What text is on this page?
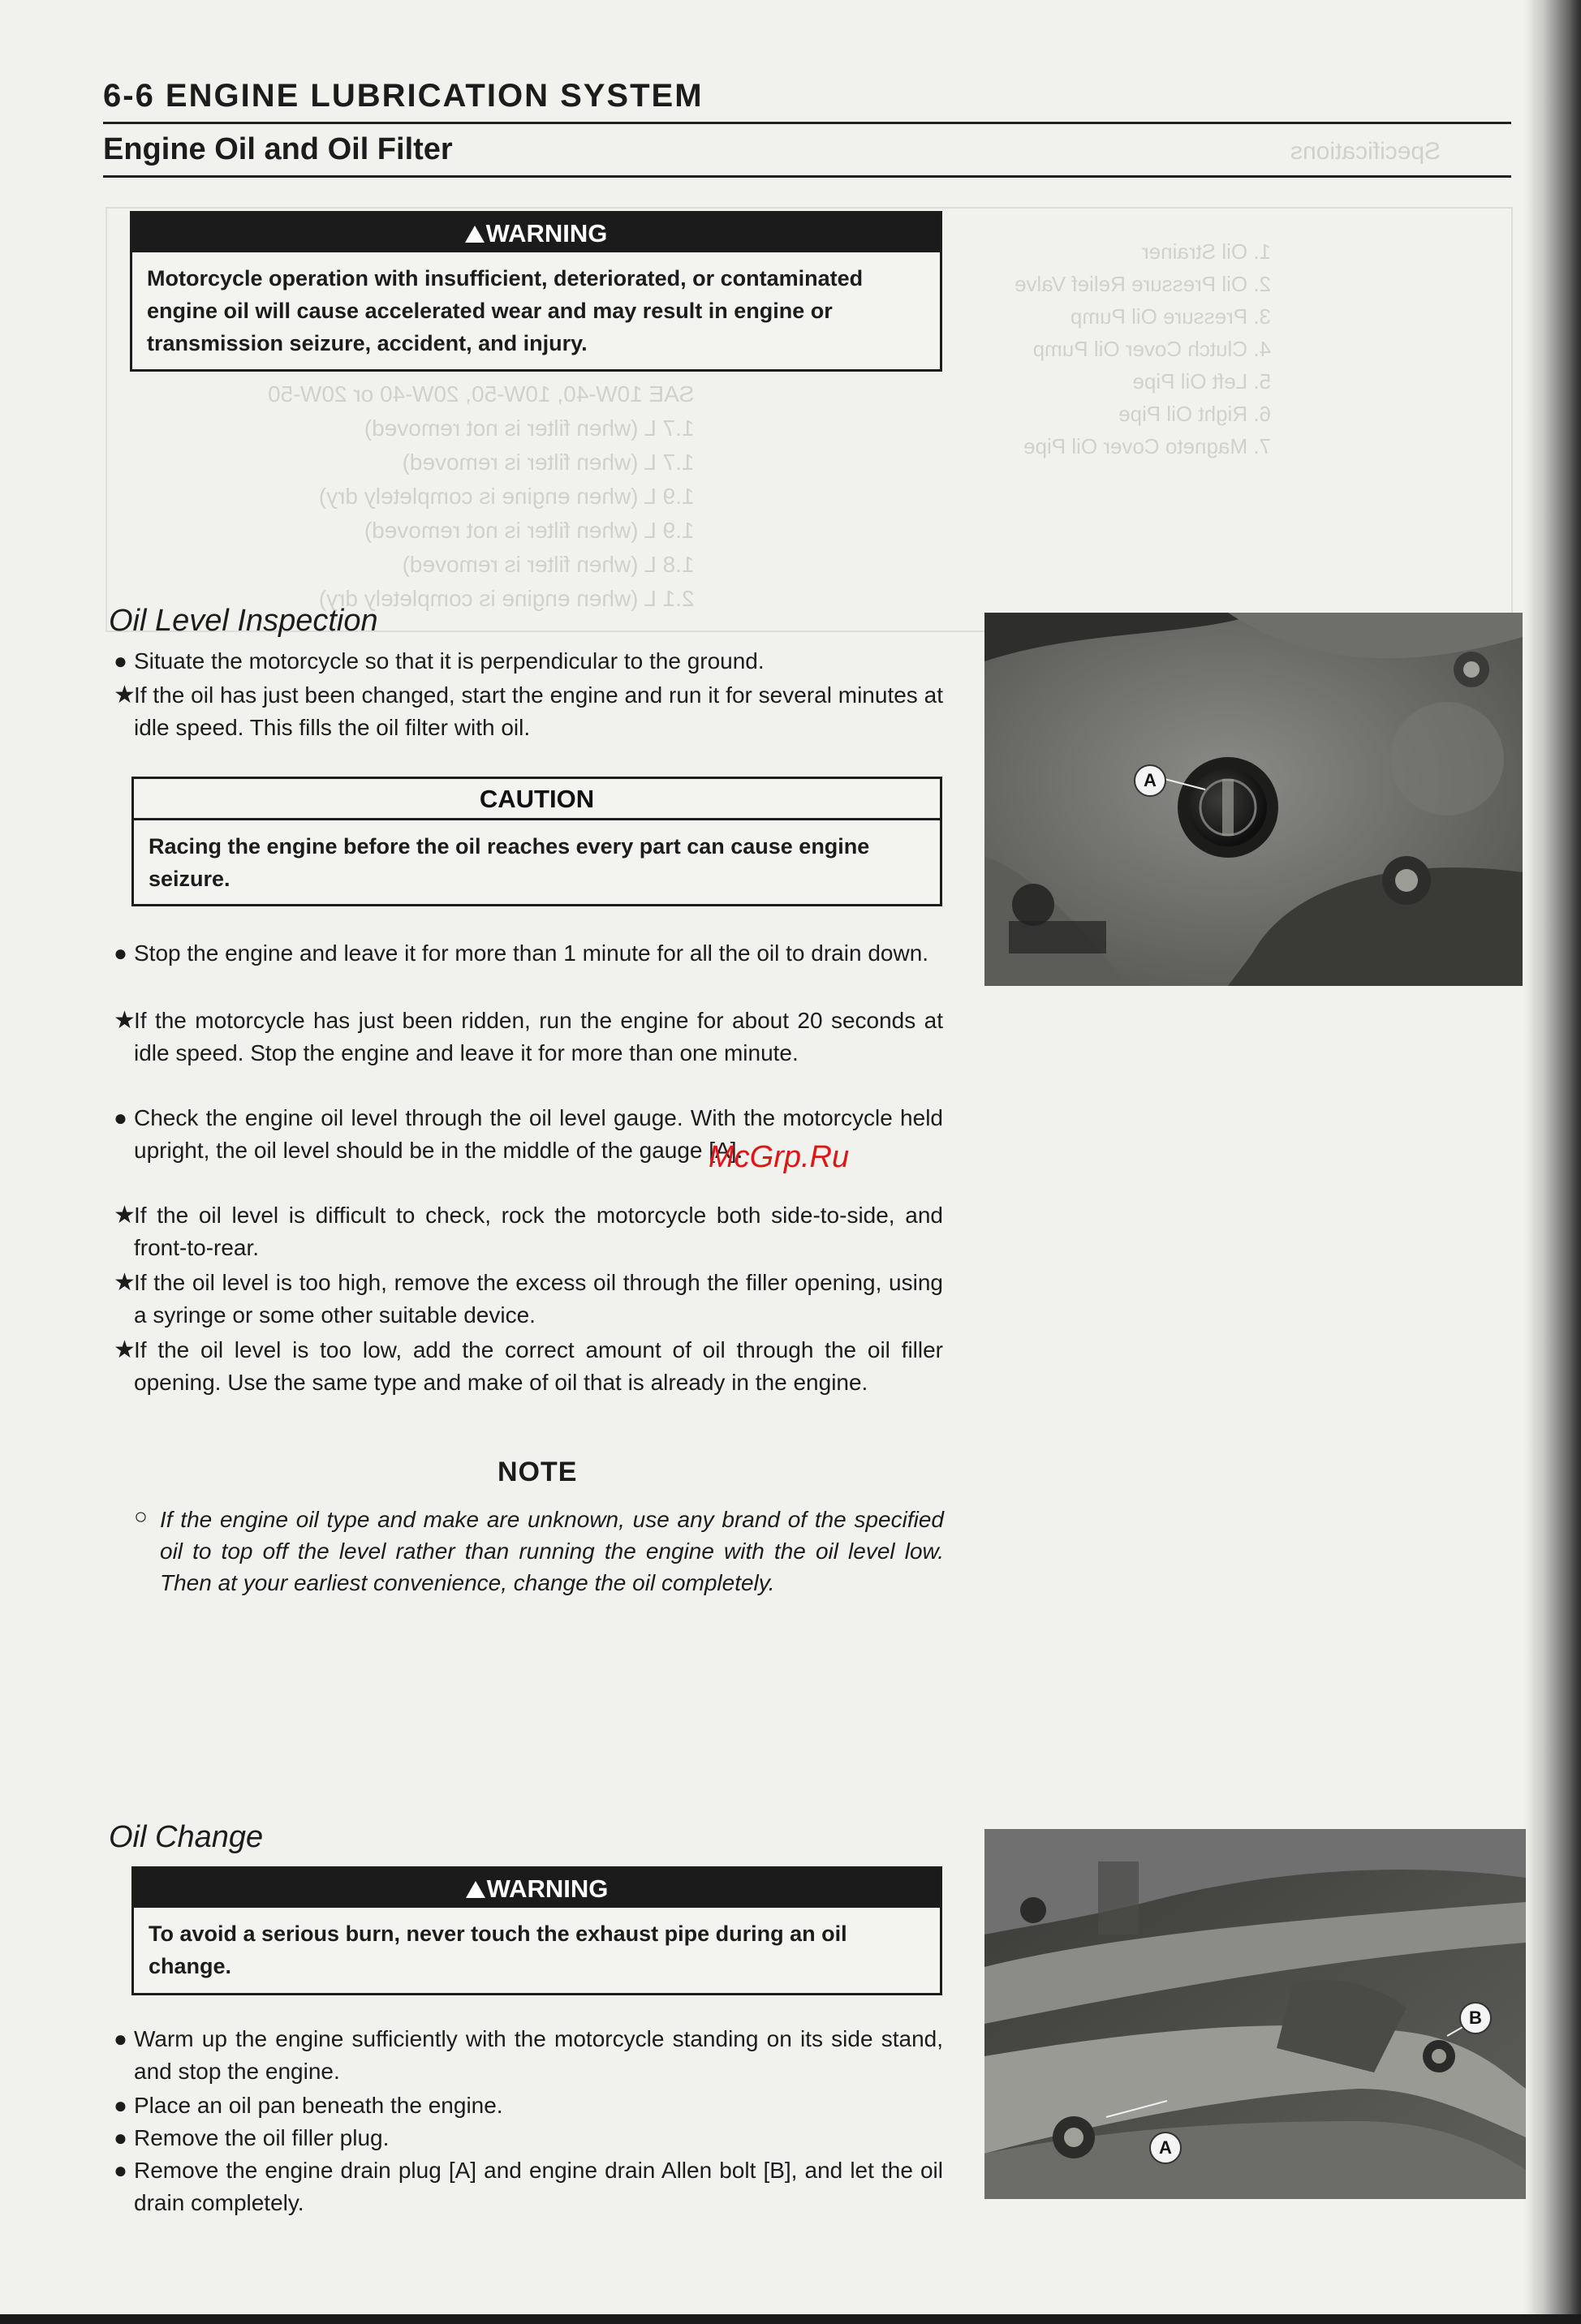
Specifications
1. Oil Strainer
2. Oil Pressure Relief Valve
3. Pressure Oil Pump
4. Clutch Cover Oil Pump
5. Left Oil Pipe
6. Right Oil Pipe
7. Magneto Cover Oil Pipe
SAE 10W-40, 10W-50, 20W-40 or 20W-50
1.7 L (when filter is not removed)
1.7 L (when filter is removed)
1.9 L (when engine is completely dry)
1.9 L (when filter is not removed)
1.8 L (when filter is removed)
2.1 L (when engine is completely dry)
6-6 ENGINE LUBRICATION SYSTEM
Engine Oil and Oil Filter
WARNING
Motorcycle operation with insufficient, deteriorated, or contaminated engine oil will cause accelerated wear and may result in engine or transmission seizure, accident, and injury.
Oil Level Inspection
● Situate the motorcycle so that it is perpendicular to the ground.
★
If the oil has just been changed, start the engine and run it for several minutes at idle speed. This fills the oil filter with oil.
CAUTION
Racing the engine before the oil reaches every part can cause engine seizure.
● Stop the engine and leave it for more than 1 minute for all the oil to drain down.
★
If the motorcycle has just been ridden, run the engine for about 20 seconds at idle speed. Stop the engine and leave it for more than one minute.
● Check the engine oil level through the oil level gauge. With the motorcycle held upright, the oil level should be in the middle of the gauge [A].
★
If the oil level is difficult to check, rock the motorcycle both side-to-side, and front-to-rear.
★
If the oil level is too high, remove the excess oil through the filler opening, using a syringe or some other suitable device.
★
If the oil level is too low, add the correct amount of oil through the oil filler opening. Use the same type and make of oil that is already in the engine.
NOTE
○ If the engine oil type and make are unknown, use any brand of the specified oil to top off the level rather than running the engine with the oil level low. Then at your earliest convenience, change the oil completely.
Oil Change
WARNING
To avoid a serious burn, never touch the exhaust pipe during an oil change.
● Warm up the engine sufficiently with the motorcycle standing on its side stand, and stop the engine.
● Place an oil pan beneath the engine.
● Remove the oil filler plug.
● Remove the engine drain plug [A] and engine drain Allen bolt [B], and let the oil drain completely.
A
A
B
McGrp.Ru
